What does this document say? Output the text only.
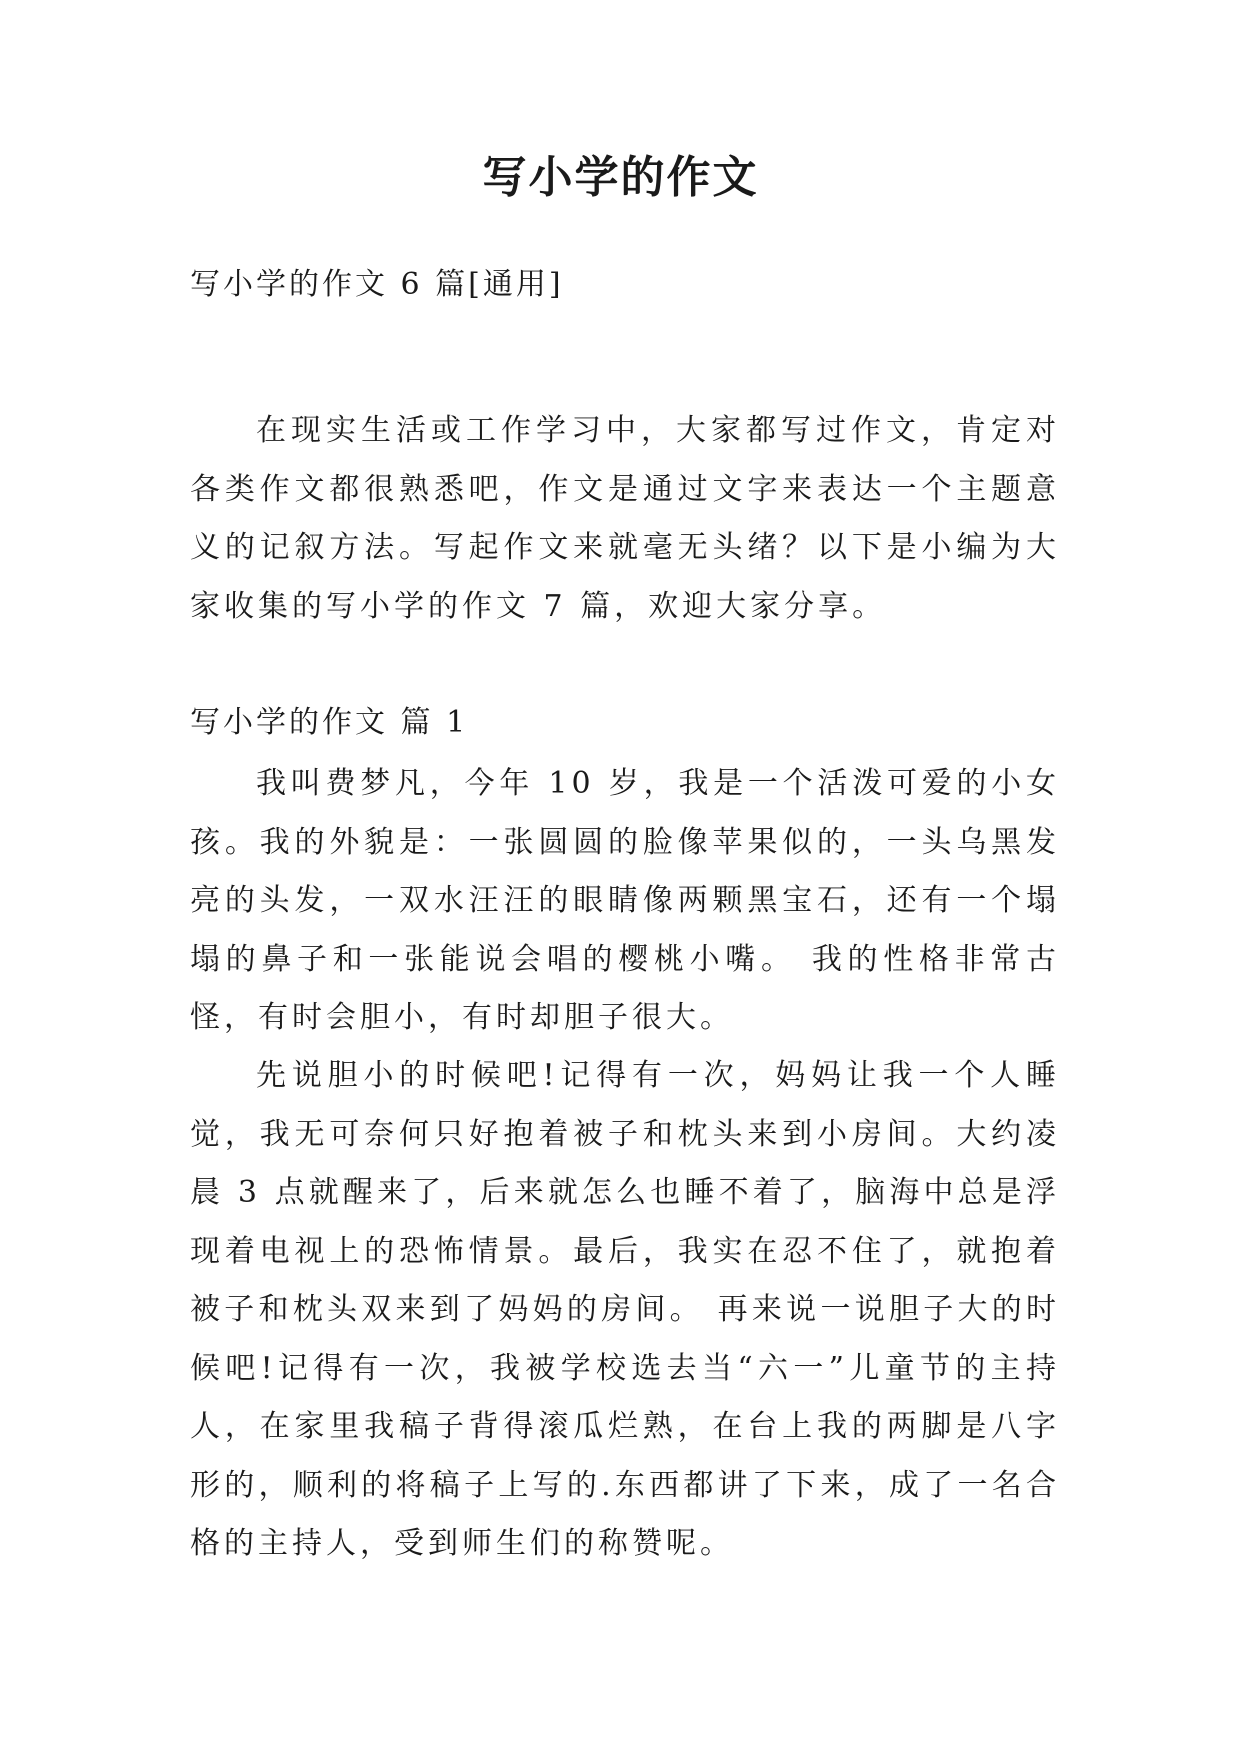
写小学的作文

写小学的作文 6 篇[通用]

在现实生活或工作学习中，大家都写过作文，肯定对各类作文都很熟悉吧，作文是通过文字来表达一个主题意义的记叙方法。写起作文来就毫无头绪？以下是小编为大家收集的写小学的作文 7 篇，欢迎大家分享。

写小学的作文 篇 1

我叫费梦凡，今年 10 岁，我是一个活泼可爱的小女孩。我的外貌是：一张圆圆的脸像苹果似的，一头乌黑发亮的头发，一双水汪汪的眼睛像两颗黑宝石，还有一个塌塌的鼻子和一张能说会唱的樱桃小嘴。 我的性格非常古怪，有时会胆小，有时却胆子很大。

先说胆小的时候吧!记得有一次，妈妈让我一个人睡觉，我无可奈何只好抱着被子和枕头来到小房间。大约凌晨 3 点就醒来了，后来就怎么也睡不着了，脑海中总是浮现着电视上的恐怖情景。最后，我实在忍不住了，就抱着被子和枕头双来到了妈妈的房间。 再来说一说胆子大的时候吧!记得有一次，我被学校选去当“六一”儿童节的主持人，在家里我稿子背得滚瓜烂熟，在台上我的两脚是八字形的，顺利的将稿子上写的.东西都讲了下来，成了一名合格的主持人，受到师生们的称赞呢。
